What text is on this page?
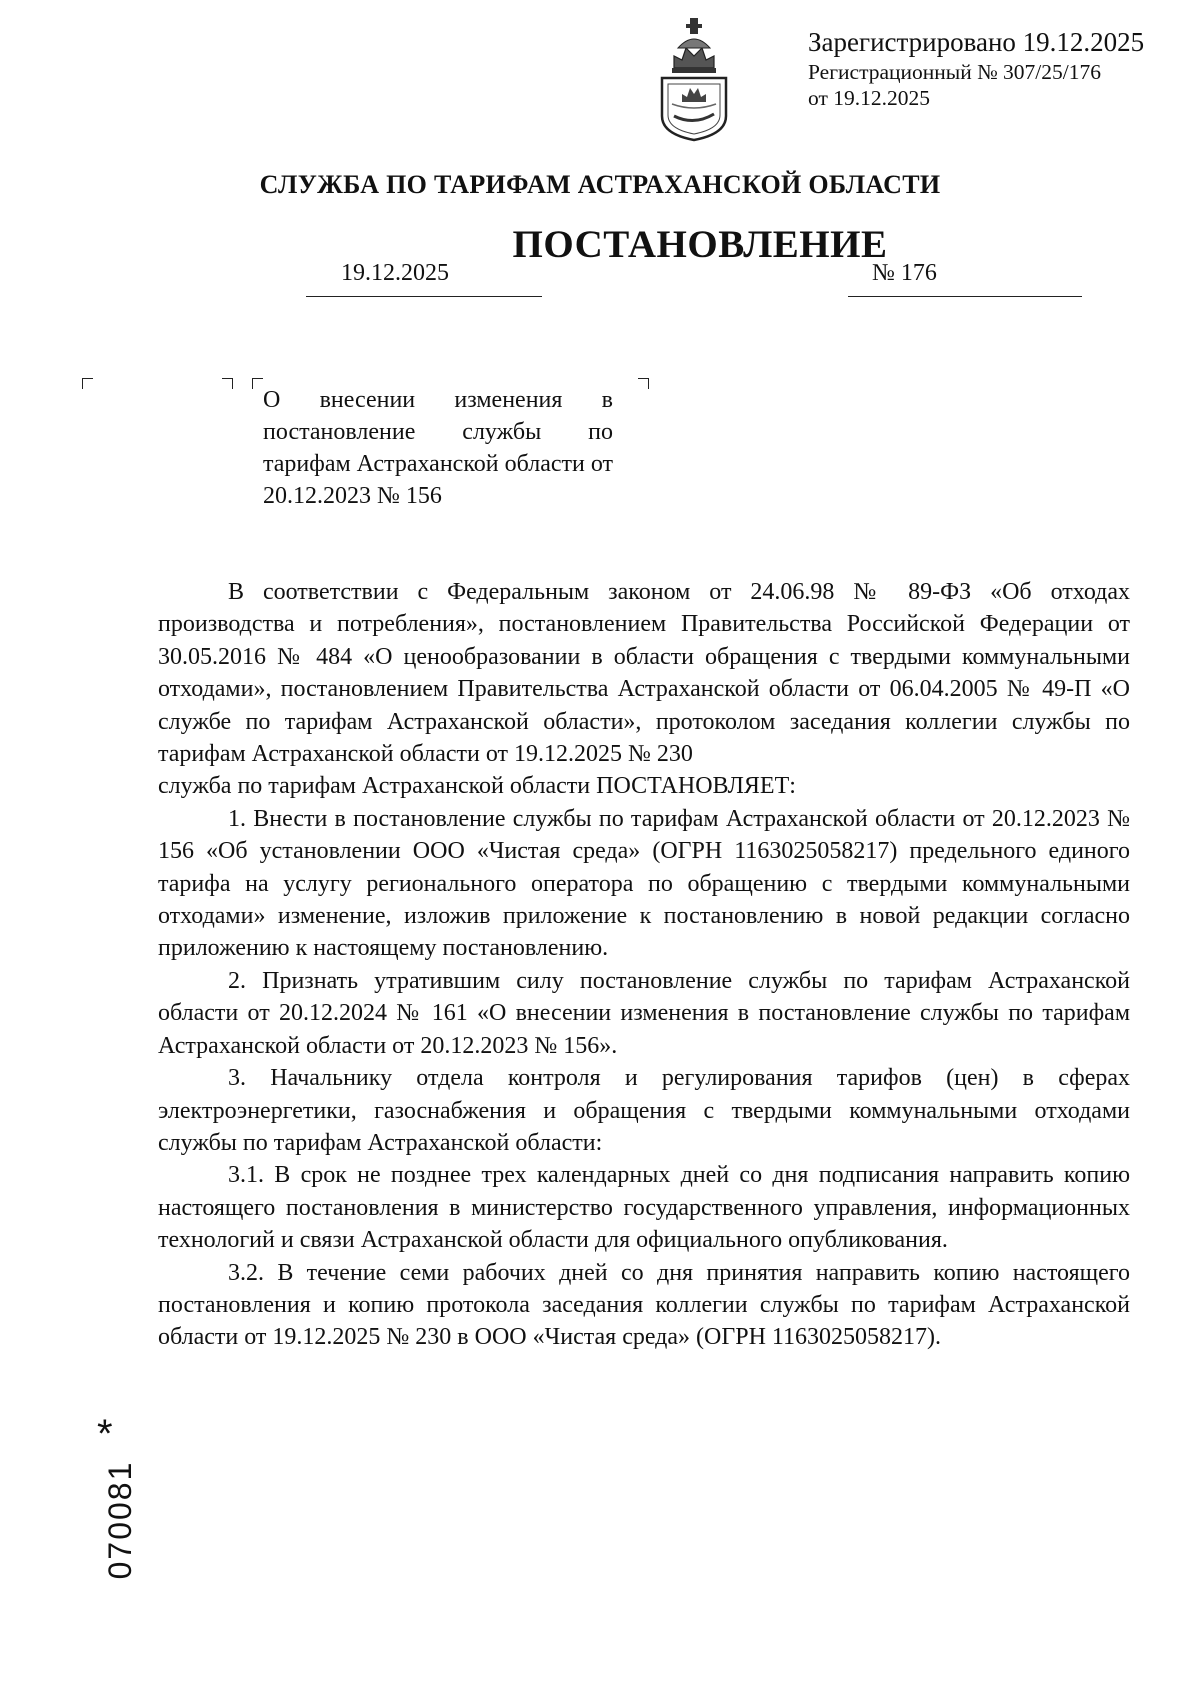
Зарегистрировано 19.12.2025
Регистрационный № 307/25/176
от 19.12.2025
СЛУЖБА ПО ТАРИФАМ АСТРАХАНСКОЙ ОБЛАСТИ
ПОСТАНОВЛЕНИЕ
19.12.2025	№ 176

О внесении изменения в постановление службы по тарифам Астраханской области от 20.12.2023 № 156

В соответствии с Федеральным законом от 24.06.98 № 89-ФЗ «Об отходах производства и потребления», постановлением Правительства Российской Федерации от 30.05.2016 № 484 «О ценообразовании в области обращения с твердыми коммунальными отходами», постановлением Правительства Астраханской области от 06.04.2005 № 49-П «О службе по тарифам Астраханской области», протоколом заседания коллегии службы по тарифам Астраханской области от 19.12.2025 № 230

служба по тарифам Астраханской области ПОСТАНОВЛЯЕТ:

1. Внести в постановление службы по тарифам Астраханской области от 20.12.2023 № 156 «Об установлении ООО «Чистая среда» (ОГРН 1163025058217) предельного единого тарифа на услугу регионального оператора по обращению с твердыми коммунальными отходами» изменение, изложив приложение к постановлению в новой редакции согласно приложению к настоящему постановлению.

2. Признать утратившим силу постановление службы по тарифам Астраханской области от 20.12.2024 № 161 «О внесении изменения в постановление службы по тарифам Астраханской области от 20.12.2023 № 156».

3. Начальнику отдела контроля и регулирования тарифов (цен) в сферах электроэнергетики, газоснабжения и обращения с твердыми коммунальными отходами службы по тарифам Астраханской области:

3.1. В срок не позднее трех календарных дней со дня подписания направить копию настоящего постановления в министерство государственного управления, информационных технологий и связи Астраханской области для официального опубликования.

3.2. В течение семи рабочих дней со дня принятия направить копию настоящего постановления и копию протокола заседания коллегии службы по тарифам Астраханской области от 19.12.2025 № 230 в ООО «Чистая среда» (ОГРН 1163025058217).

*
070081
